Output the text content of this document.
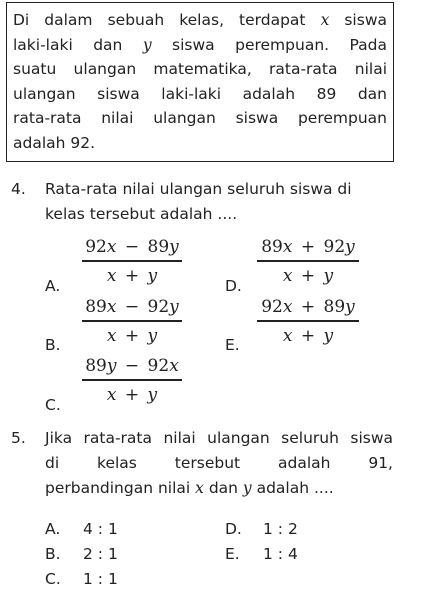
Di dalam sebuah kelas, terdapat x siswa

laki-laki dan y siswa perempuan. Pada

suatu ulangan matematika, rata-rata nilai

ulangan siswa laki-laki adalah 89 dan

rata-rata nilai ulangan siswa perempuan

adalah 92.

4. Rata-rata nilai ulangan seluruh siswa di

kelas tersebut adalah ....

A.
92x − 89y
x + y
B.
89x − 92y
x + y
C.
89y − 92x
x + y
D.
89x + 92y
x + y
E.
92x + 89y
x + y
5. Jika rata-rata nilai ulangan seluruh siswa

di kelas tersebut adalah 91,

perbandingan nilai x dan y adalah ....

A. 4 : 1
B. 2 : 1
C. 1 : 1
D. 1 : 2
E. 1 : 4
